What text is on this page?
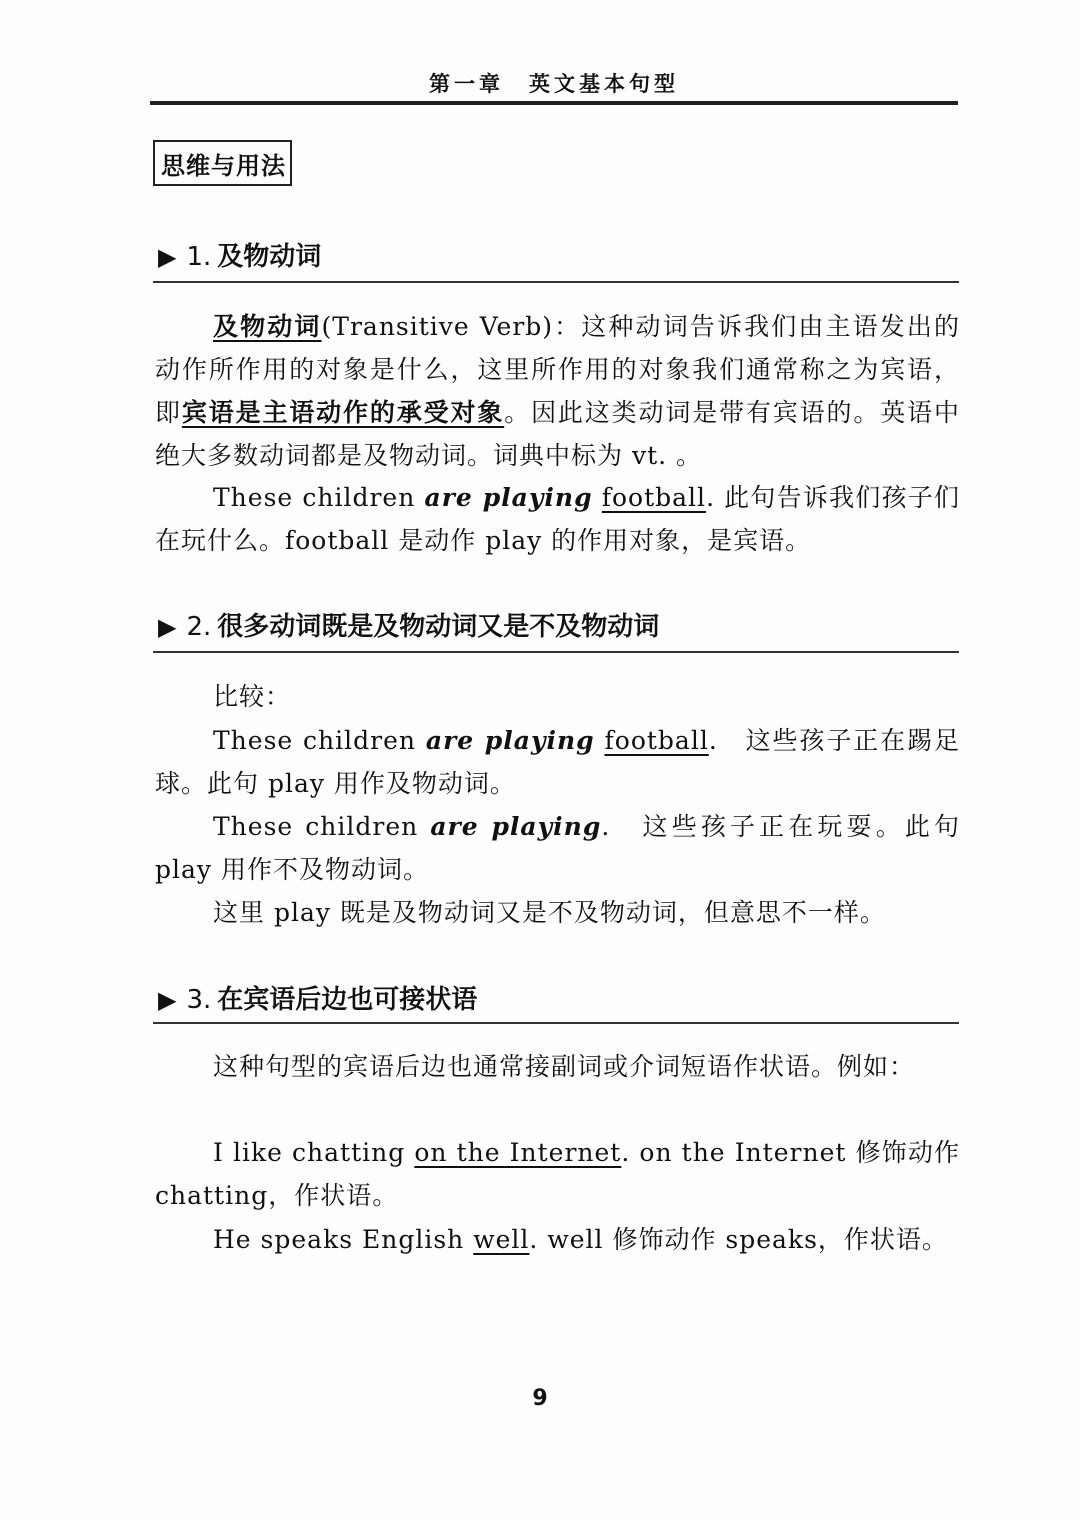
第一章　英文基本句型
思维与用法
▶ 1. 及物动词
及物动词(Transitive Verb)：这种动词告诉我们由主语发出的动作所作用的对象是什么，这里所作用的对象我们通常称之为宾语，即宾语是主语动作的承受对象。因此这类动词是带有宾语的。英语中绝大多数动词都是及物动词。词典中标为 vt. 。
These children are playing football. 此句告诉我们孩子们在玩什么。football 是动作 play 的作用对象，是宾语。
▶ 2. 很多动词既是及物动词又是不及物动词
比较：
These children are playing football.　这些孩子正在踢足球。此句 play 用作及物动词。
These children are playing.　这些孩子正在玩耍。此句 play 用作不及物动词。
这里 play 既是及物动词又是不及物动词，但意思不一样。
▶ 3. 在宾语后边也可接状语
这种句型的宾语后边也通常接副词或介词短语作状语。例如：
I like chatting on the Internet. on the Internet 修饰动作 chatting，作状语。
He speaks English well. well 修饰动作 speaks，作状语。
9
